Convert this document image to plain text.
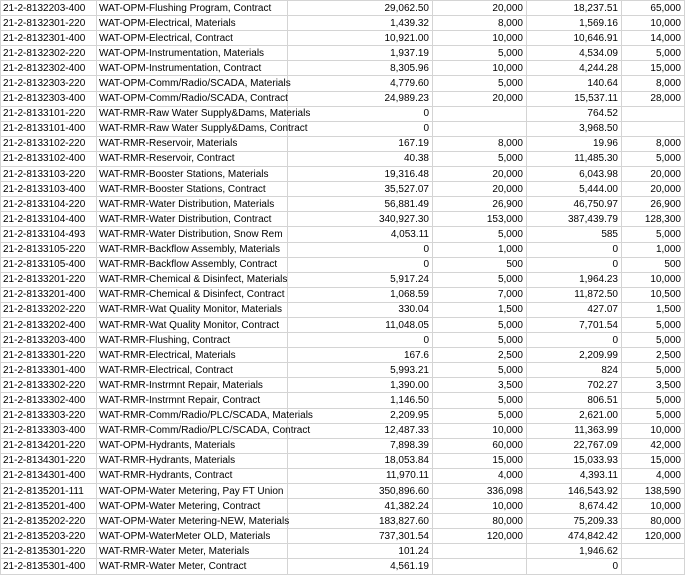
21-2-8132203-400	WAT-OPM-Flushing Program, Contract	29,062.50	20,000	18,237.51	65,000
21-2-8132301-220	WAT-OPM-Electrical, Materials	1,439.32	8,000	1,569.16	10,000
21-2-8132301-400	WAT-OPM-Electrical, Contract	10,921.00	10,000	10,646.91	14,000
21-2-8132302-220	WAT-OPM-Instrumentation, Materials	1,937.19	5,000	4,534.09	5,000
21-2-8132302-400	WAT-OPM-Instrumentation, Contract	8,305.96	10,000	4,244.28	15,000
21-2-8132303-220	WAT-OPM-Comm/Radio/SCADA, Materials	4,779.60	5,000	140.64	8,000
21-2-8132303-400	WAT-OPM-Comm/Radio/SCADA, Contract	24,989.23	20,000	15,537.11	28,000
21-2-8133101-220	WAT-RMR-Raw Water Supply&Dams, Materials	0		764.52	
21-2-8133101-400	WAT-RMR-Raw Water Supply&Dams, Contract	0		3,968.50	
21-2-8133102-220	WAT-RMR-Reservoir, Materials	167.19	8,000	19.96	8,000
21-2-8133102-400	WAT-RMR-Reservoir, Contract	40.38	5,000	11,485.30	5,000
21-2-8133103-220	WAT-RMR-Booster Stations, Materials	19,316.48	20,000	6,043.98	20,000
21-2-8133103-400	WAT-RMR-Booster Stations, Contract	35,527.07	20,000	5,444.00	20,000
21-2-8133104-220	WAT-RMR-Water Distribution, Materials	56,881.49	26,900	46,750.97	26,900
21-2-8133104-400	WAT-RMR-Water Distribution, Contract	340,927.30	153,000	387,439.79	128,300
21-2-8133104-493	WAT-RMR-Water Distribution, Snow Rem	4,053.11	5,000	585	5,000
21-2-8133105-220	WAT-RMR-Backflow Assembly, Materials	0	1,000	0	1,000
21-2-8133105-400	WAT-RMR-Backflow Assembly, Contract	0	500	0	500
21-2-8133201-220	WAT-RMR-Chemical & Disinfect, Materials	5,917.24	5,000	1,964.23	10,000
21-2-8133201-400	WAT-RMR-Chemical & Disinfect, Contract	1,068.59	7,000	11,872.50	10,500
21-2-8133202-220	WAT-RMR-Wat Quality Monitor, Materials	330.04	1,500	427.07	1,500
21-2-8133202-400	WAT-RMR-Wat Quality Monitor, Contract	11,048.05	5,000	7,701.54	5,000
21-2-8133203-400	WAT-RMR-Flushing, Contract	0	5,000	0	5,000
21-2-8133301-220	WAT-RMR-Electrical, Materials	167.6	2,500	2,209.99	2,500
21-2-8133301-400	WAT-RMR-Electrical, Contract	5,993.21	5,000	824	5,000
21-2-8133302-220	WAT-RMR-Instrmnt Repair, Materials	1,390.00	3,500	702.27	3,500
21-2-8133302-400	WAT-RMR-Instrmnt Repair, Contract	1,146.50	5,000	806.51	5,000
21-2-8133303-220	WAT-RMR-Comm/Radio/PLC/SCADA, Materials	2,209.95	5,000	2,621.00	5,000
21-2-8133303-400	WAT-RMR-Comm/Radio/PLC/SCADA, Contract	12,487.33	10,000	11,363.99	10,000
21-2-8134201-220	WAT-OPM-Hydrants, Materials	7,898.39	60,000	22,767.09	42,000
21-2-8134301-220	WAT-RMR-Hydrants, Materials	18,053.84	15,000	15,033.93	15,000
21-2-8134301-400	WAT-RMR-Hydrants, Contract	11,970.11	4,000	4,393.11	4,000
21-2-8135201-111	WAT-OPM-Water Metering, Pay FT Union	350,896.60	336,098	146,543.92	138,590
21-2-8135201-400	WAT-OPM-Water Metering, Contract	41,382.24	10,000	8,674.42	10,000
21-2-8135202-220	WAT-OPM-Water Metering-NEW, Materials	183,827.60	80,000	75,209.33	80,000
21-2-8135203-220	WAT-OPM-WaterMeter OLD, Materials	737,301.54	120,000	474,842.42	120,000
21-2-8135301-220	WAT-RMR-Water Meter, Materials	101.24		1,946.62	
21-2-8135301-400	WAT-RMR-Water Meter, Contract	4,561.19		0	
